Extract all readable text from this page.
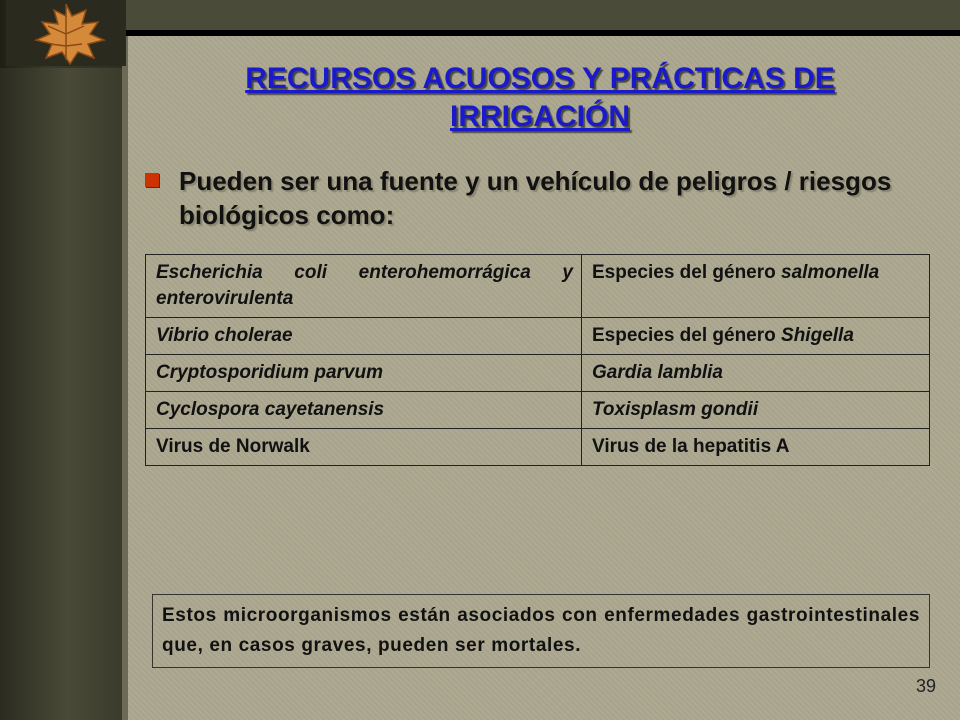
RECURSOS ACUOSOS Y PRÁCTICAS DE
IRRIGACIÓN
Pueden ser una fuente y un vehículo de peligros / riesgos biológicos como:
Escherichia coli enterohemorrágica y enterovirulenta	Especies del género salmonella
Vibrio cholerae	Especies del género Shigella
Cryptosporidium parvum	Gardia lamblia
Cyclospora cayetanensis	Toxisplasm gondii
Virus de Norwalk	Virus de la hepatitis A
Estos microorganismos están asociados con enfermedades gastrointestinales que, en casos graves, pueden ser mortales.
39
